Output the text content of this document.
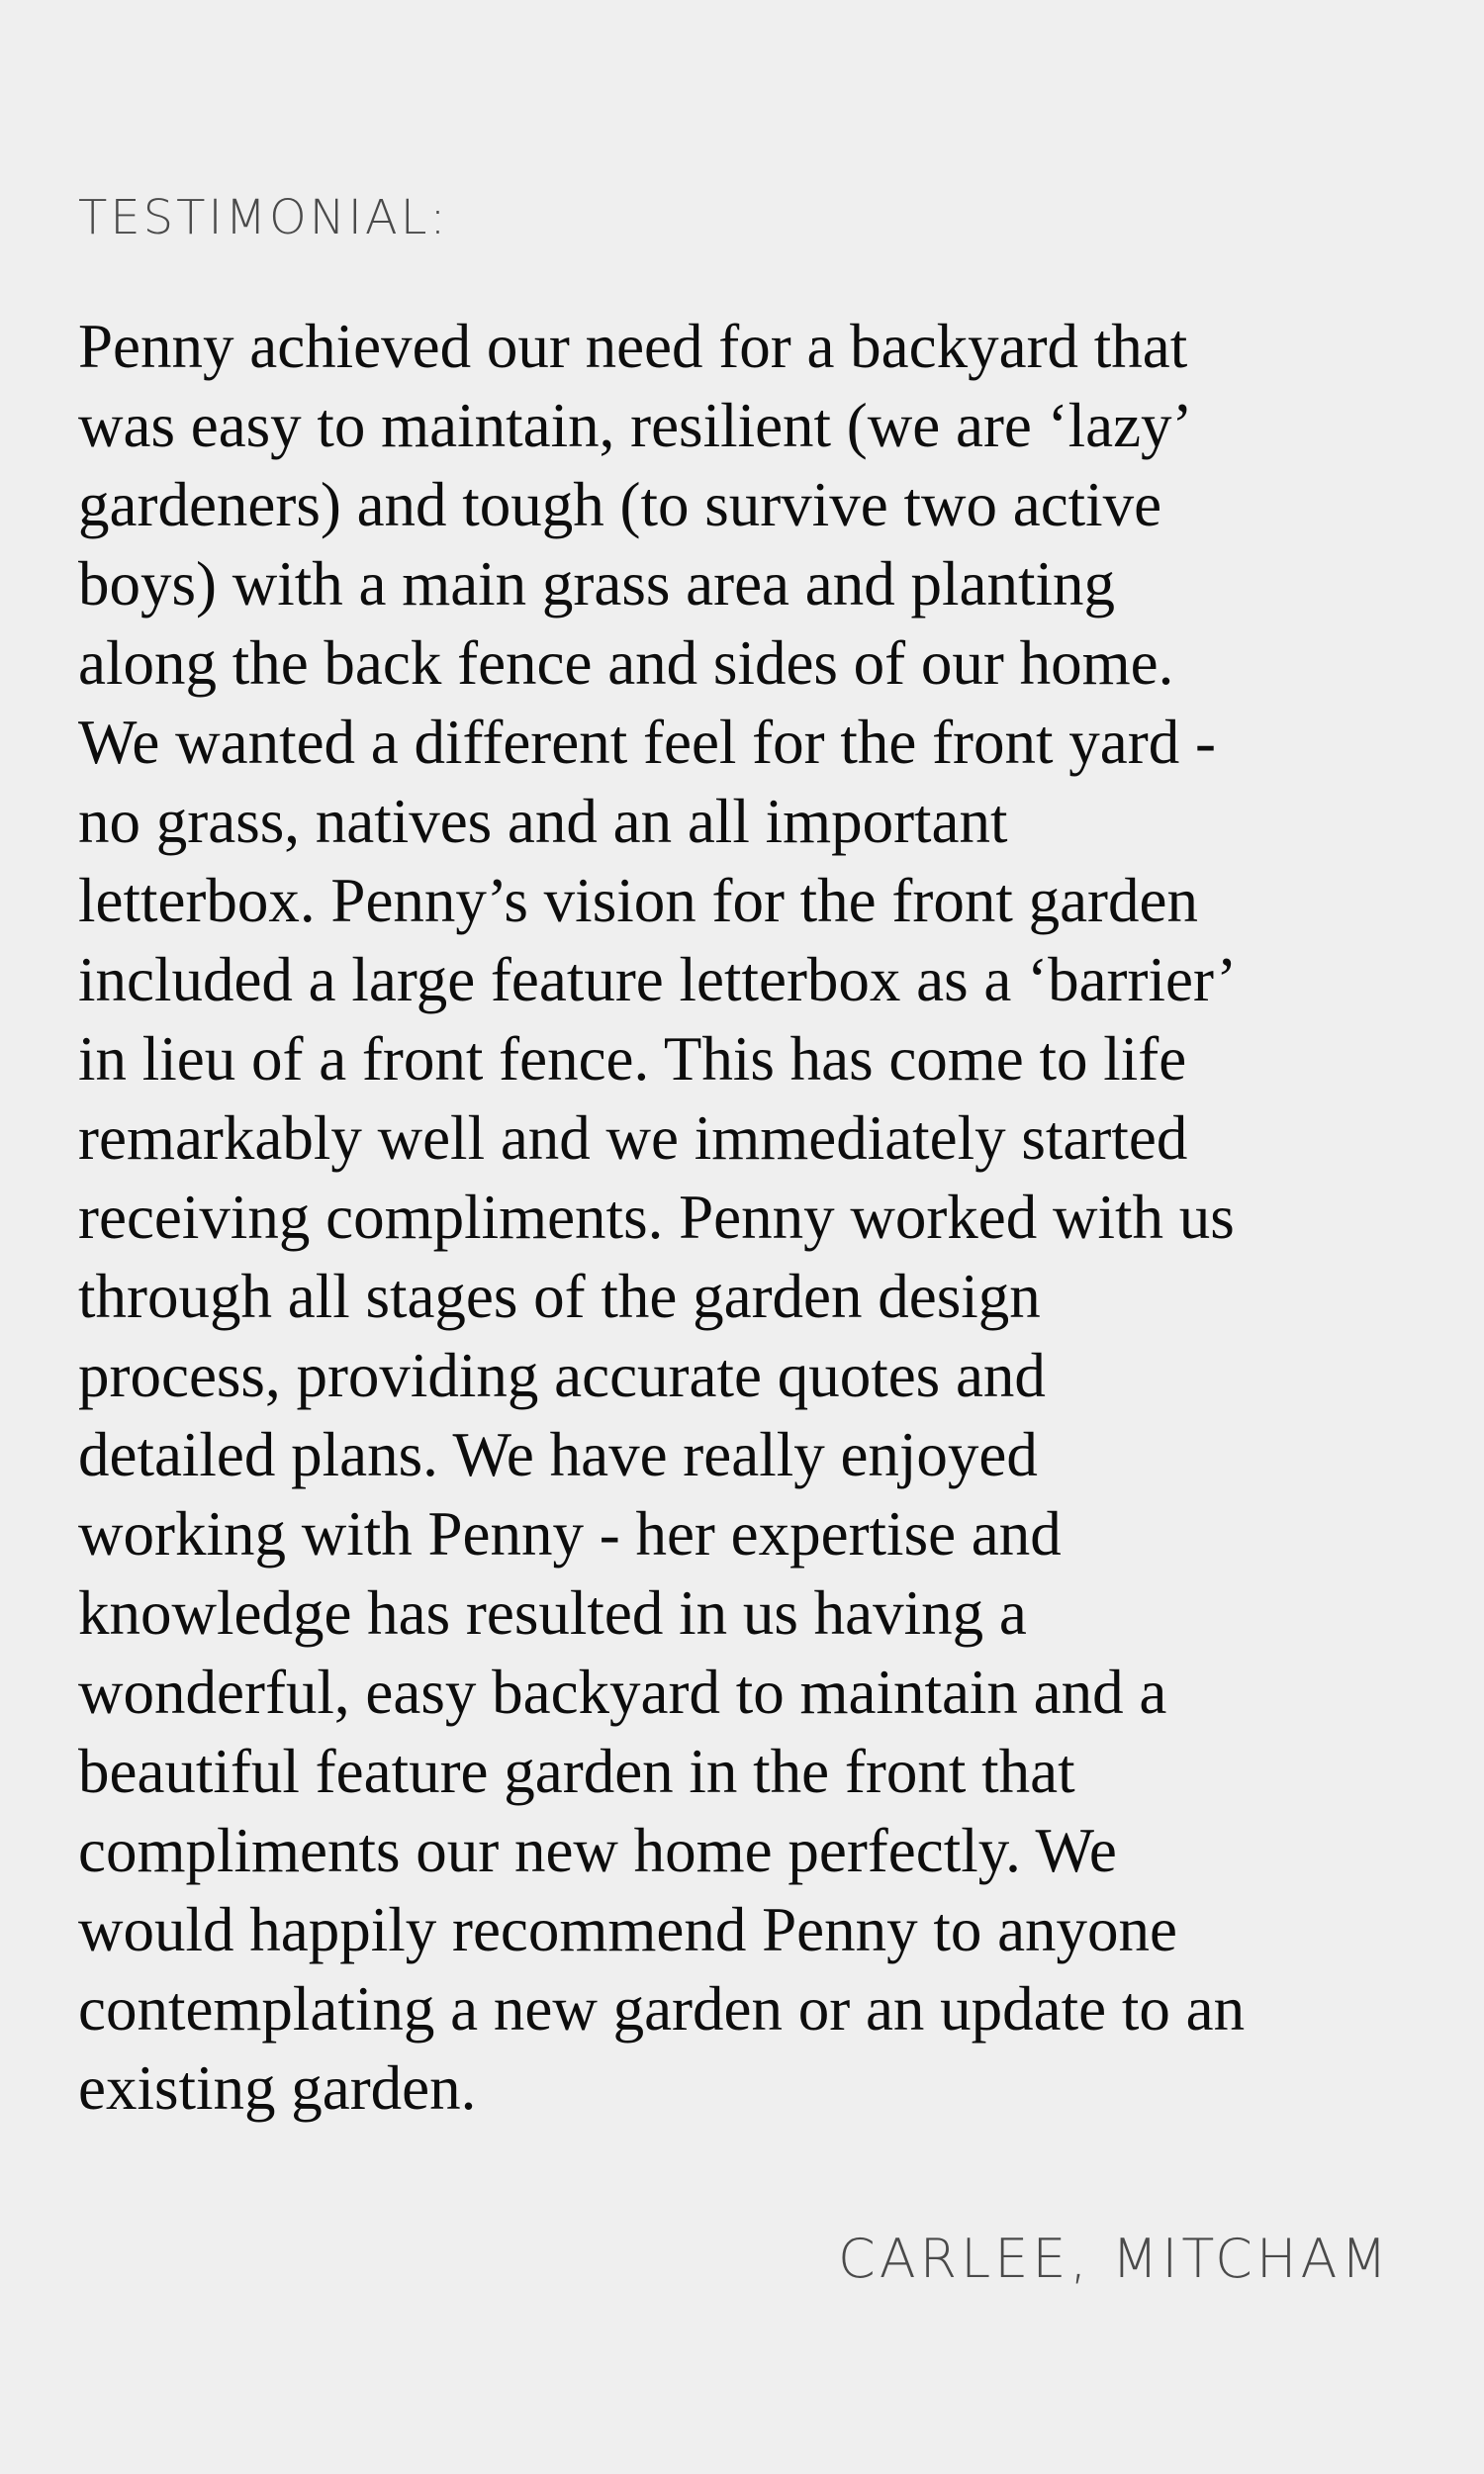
TESTIMONIAL:

Penny achieved our need for a backyard that
was easy to maintain, resilient (we are ‘lazy’
gardeners) and tough (to survive two active
boys) with a main grass area and planting
along the back fence and sides of our home.
We wanted a different feel for the front yard -
no grass, natives and an all important
letterbox. Penny’s vision for the front garden
included a large feature letterbox as a ‘barrier’
in lieu of a front fence. This has come to life
remarkably well and we immediately started
receiving compliments. Penny worked with us
through all stages of the garden design
process, providing accurate quotes and
detailed plans. We have really enjoyed
working with Penny - her expertise and
knowledge has resulted in us having a
wonderful, easy backyard to maintain and a
beautiful feature garden in the front that
compliments our new home perfectly. We
would happily recommend Penny to anyone
contemplating a new garden or an update to an
existing garden.

CARLEE, MITCHAM
